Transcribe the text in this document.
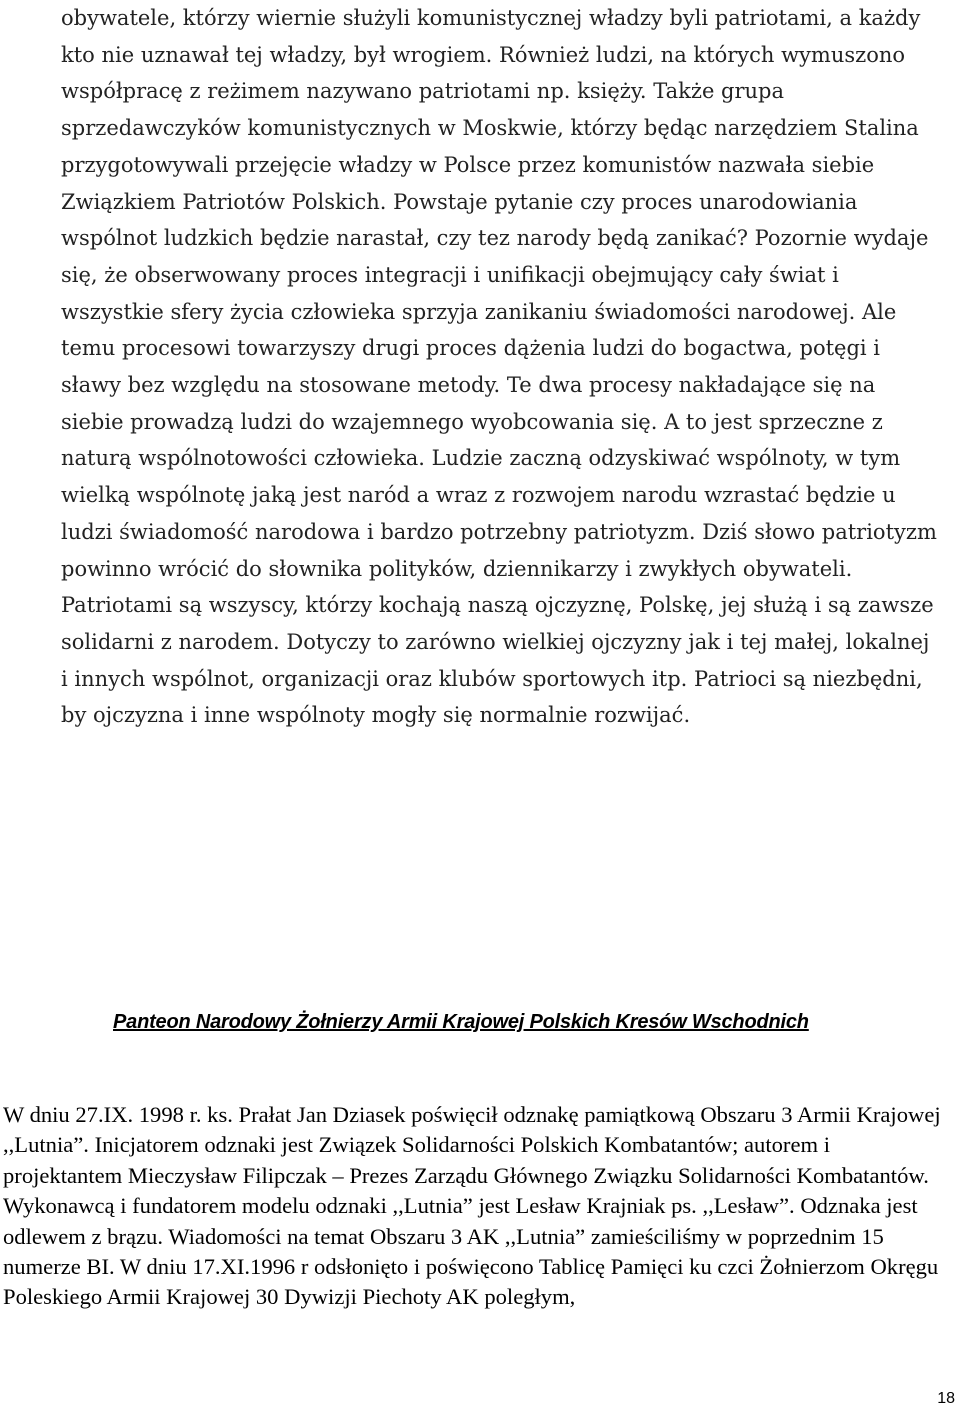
obywatele, którzy wiernie służyli komunistycznej władzy byli patriotami, a każdy kto nie uznawał tej władzy, był wrogiem. Również ludzi, na których wymuszono współpracę z reżimem nazywano patriotami np. księży. Także grupa sprzedawczyków komunistycznych w Moskwie, którzy będąc narzędziem Stalina przygotowywali przejęcie władzy w Polsce przez komunistów nazwała siebie Związkiem Patriotów Polskich. Powstaje pytanie czy proces unarodowiania wspólnot ludzkich będzie narastał, czy tez narody będą zanikać? Pozornie wydaje się, że obserwowany proces integracji i unifikacji obejmujący cały świat i wszystkie sfery życia człowieka sprzyja zanikaniu świadomości narodowej. Ale temu procesowi towarzyszy drugi proces dążenia ludzi do bogactwa, potęgi i sławy bez względu na stosowane metody. Te dwa procesy nakładające się na siebie prowadzą ludzi do wzajemnego wyobcowania się. A to jest sprzeczne z naturą wspólnotowości człowieka. Ludzie zaczną odzyskiwać wspólnoty, w tym wielką wspólnotę jaką jest naród a wraz z rozwojem narodu wzrastać będzie u ludzi świadomość narodowa i bardzo potrzebny patriotyzm. Dziś słowo patriotyzm powinno wrócić do słownika polityków, dziennikarzy i zwykłych obywateli. Patriotami są wszyscy, którzy kochają naszą ojczyznę, Polskę, jej służą i są zawsze solidarni z narodem. Dotyczy to zarówno wielkiej ojczyzny jak i tej małej, lokalnej i innych wspólnot, organizacji oraz klubów sportowych itp. Patrioci są niezbędni, by ojczyzna i inne wspólnoty mogły się normalnie rozwijać.

Panteon Narodowy Żołnierzy Armii Krajowej Polskich Kresów Wschodnich

W dniu 27.IX. 1998 r. ks. Prałat Jan Dziasek poświęcił odznakę pamiątkową Obszaru 3 Armii Krajowej ,,Lutnia”. Inicjatorem odznaki jest Związek Solidarności Polskich Kombatantów; autorem i projektantem Mieczysław Filipczak – Prezes Zarządu Głównego Związku Solidarności Kombatantów. Wykonawcą i fundatorem modelu odznaki ,,Lutnia” jest Lesław Krajniak ps. ,,Lesław”. Odznaka jest odlewem z brązu. Wiadomości na temat Obszaru 3 AK ,,Lutnia” zamieściliśmy w poprzednim 15 numerze BI. W dniu 17.XI.1996 r odsłonięto i poświęcono Tablicę Pamięci ku czci Żołnierzom Okręgu Poleskiego Armii Krajowej 30 Dywizji Piechoty AK poległym,

18
